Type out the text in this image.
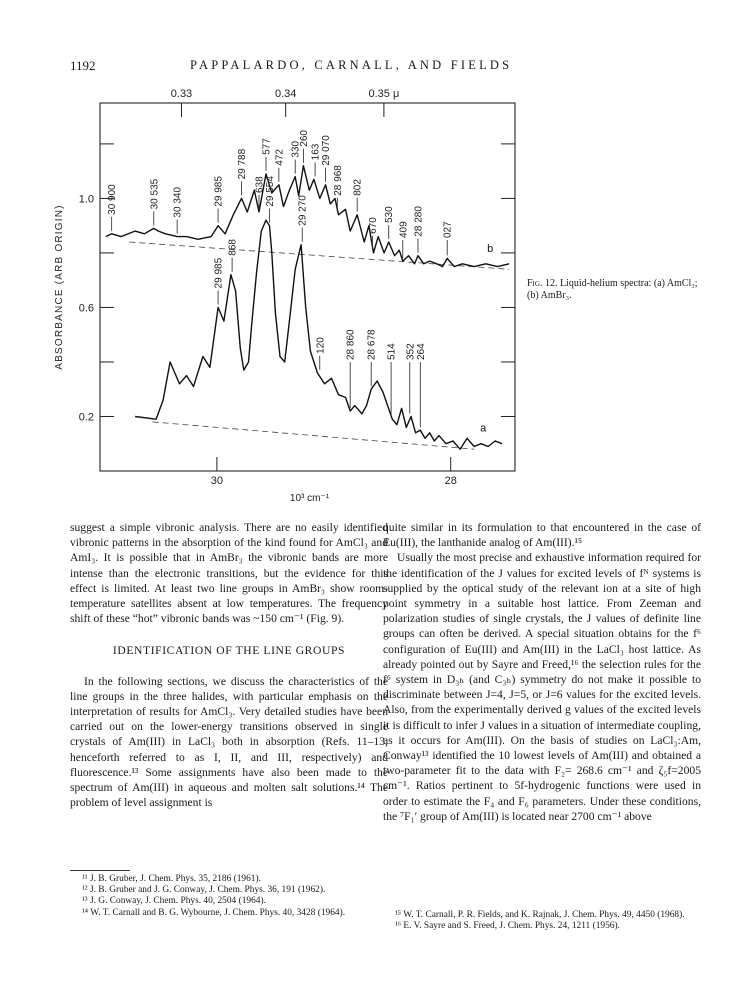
1192	PAPPALARDO, CARNALL, AND FIELDS
1.0
0.6
0.2
30	28
0.33	0.34	0.35 μ
10³ cm⁻¹
ABSORBANCE (ARB ORIGIN)	b
a
30 900	30 535 30 340	29 985
29 788
638
577
472 330
260
163 29 070
28 968 802
670
530
409 28 280 027
29 985
868
29 554
29 270
120 28 860 28 678 514 352 264
Fig. 12. Liquid-helium spectra: (a) AmCl₃; (b) AmBr₃.

suggest a simple vibronic analysis. There are no easily identified vibronic patterns in the absorption of the kind found for AmCl₃ and AmI₃. It is possible that in AmBr₃ the vibronic bands are more intense than the electronic transitions, but the evidence for this effect is limited. At least two line groups in AmBr₃ show room-temperature satellites absent at low temperatures. The frequency shift of these “hot” vibronic bands was ~150 cm⁻¹ (Fig. 9).

IDENTIFICATION OF THE LINE GROUPS

In the following sections, we discuss the characteristics of the line groups in the three halides, with particular emphasis on the interpretation of results for AmCl₃. Very detailed studies have been carried out on the lower-energy transitions observed in single crystals of Am(III) in LaCl₃ both in absorption (Refs. 11–13, henceforth referred to as I, II, and III, respectively) and fluorescence.¹³ Some assignments have also been made to the spectrum of Am(III) in aqueous and molten salt solutions.¹⁴ The problem of level assignment is

quite similar in its formulation to that encountered in the case of Eu(III), the lanthanide analog of Am(III).¹⁵

Usually the most precise and exhaustive information required for the identification of the J values for excited levels of fᴺ systems is supplied by the optical study of the relevant ion at a site of high point symmetry in a suitable host lattice. From Zeeman and polarization studies of single crystals, the J values of definite line groups can often be derived. A special situation obtains for the f⁶ configuration of Eu(III) and Am(III) in the LaCl₃ host lattice. As already pointed out by Sayre and Freed,¹⁶ the selection rules for the f⁶ system in D₃ₕ (and C₃ₕ) symmetry do not make it possible to discriminate between J=4, J=5, or J=6 values for the excited levels. Also, from the experimentally derived g values of the excited levels it is difficult to infer J values in a situation of intermediate coupling, as it occurs for Am(III). On the basis of studies on LaCl₃:Am, Conway¹³ identified the 10 lowest levels of Am(III) and obtained a two-parameter fit to the data with F₂= 268.6 cm⁻¹ and ζ₅f=2005 cm⁻¹. Ratios pertinent to 5f-hydrogenic functions were used in order to estimate the F₄ and F₆ parameters. Under these conditions, the ⁷F₁′ group of Am(III) is located near 2700 cm⁻¹ above

¹¹ J. B. Gruber, J. Chem. Phys. 35, 2186 (1961).
¹² J. B. Gruber and J. G. Conway, J. Chem. Phys. 36, 191 (1962).
¹³ J. G. Conway, J. Chem. Phys. 40, 2504 (1964).
¹⁴ W. T. Carnall and B. G. Wybourne, J. Chem. Phys. 40, 3428 (1964).	¹⁵ W. T. Carnall, P. R. Fields, and K. Rajnak, J. Chem. Phys. 49, 4450 (1968).
¹⁶ E. V. Sayre and S. Freed, J. Chem. Phys. 24, 1211 (1956).
